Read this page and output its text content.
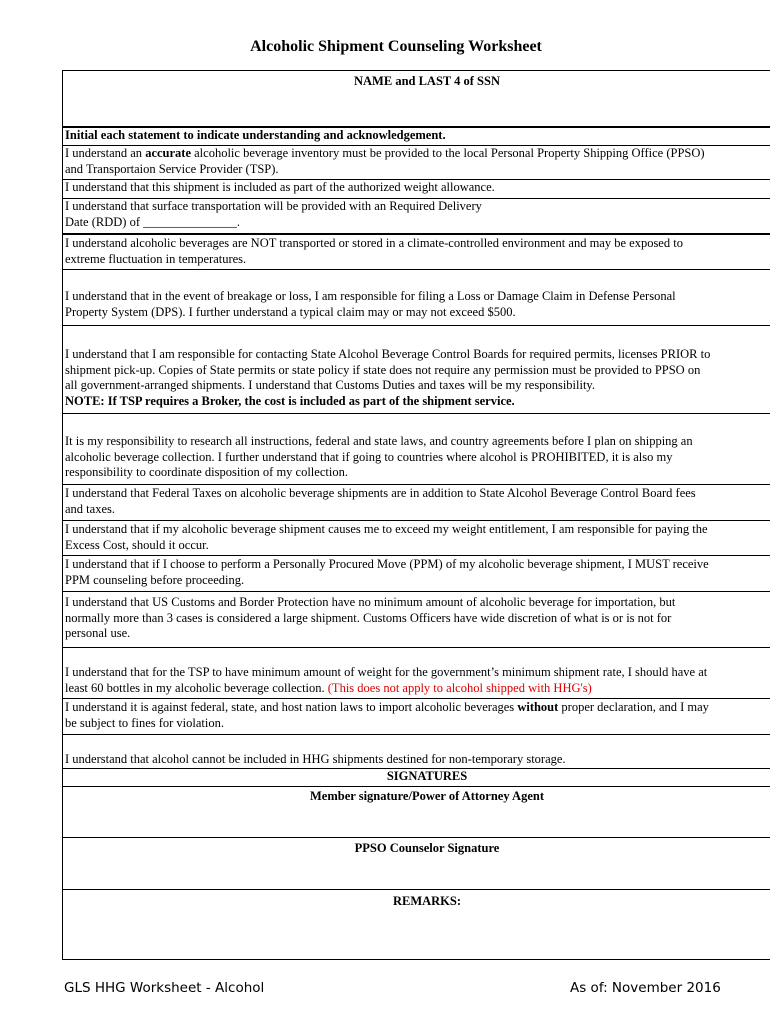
Alcoholic Shipment Counseling Worksheet
NAME and LAST 4 of SSN
Initial each statement to indicate understanding and acknowledgement.
I understand an accurate alcoholic beverage inventory must be provided to the local Personal Property Shipping Office (PPSO)
and Transportaion Service Provider (TSP).
I understand that this shipment is included as part of the authorized weight allowance.
I understand that surface transportation will be provided with an Required Delivery
Date (RDD) of _______________.
I understand alcoholic beverages are NOT transported or stored in a climate-controlled environment and may be exposed to
extreme fluctuation in temperatures.
I understand that in the event of breakage or loss, I am responsible for filing a Loss or Damage Claim in Defense Personal
Property System (DPS). I further understand a typical claim may or may not exceed $500.
I understand that I am responsible for contacting State Alcohol Beverage Control Boards for required permits, licenses PRIOR to
shipment pick-up. Copies of State permits or state policy if state does not require any permission must be provided to PPSO on
all government-arranged shipments. I understand that Customs Duties and taxes will be my responsibility.
NOTE: If TSP requires a Broker, the cost is included as part of the shipment service.
It is my responsibility to research all instructions, federal and state laws, and country agreements before I plan on shipping an
alcoholic beverage collection. I further understand that if going to countries where alcohol is PROHIBITED, it is also my
responsibility to coordinate disposition of my collection.
I understand that Federal Taxes on alcoholic beverage shipments are in addition to State Alcohol Beverage Control Board fees
and taxes.
I understand that if my alcoholic beverage shipment causes me to exceed my weight entitlement, I am responsible for paying the
Excess Cost, should it occur.
I understand that if I choose to perform a Personally Procured Move (PPM) of my alcoholic beverage shipment, I MUST receive
PPM counseling before proceeding.
I understand that US Customs and Border Protection have no minimum amount of alcoholic beverage for importation, but
normally more than 3 cases is considered a large shipment. Customs Officers have wide discretion of what is or is not for
personal use.
I understand that for the TSP to have minimum amount of weight for the government’s minimum shipment rate, I should have at
least 60 bottles in my alcoholic beverage collection. (This does not apply to alcohol shipped with HHG's)
I understand it is against federal, state, and host nation laws to import alcoholic beverages without proper declaration, and I may
be subject to fines for violation.
I understand that alcohol cannot be included in HHG shipments destined for non-temporary storage.
SIGNATURES
Member signature/Power of Attorney Agent
PPSO Counselor Signature
REMARKS:
GLS HHG Worksheet - Alcohol	As of: November 2016
